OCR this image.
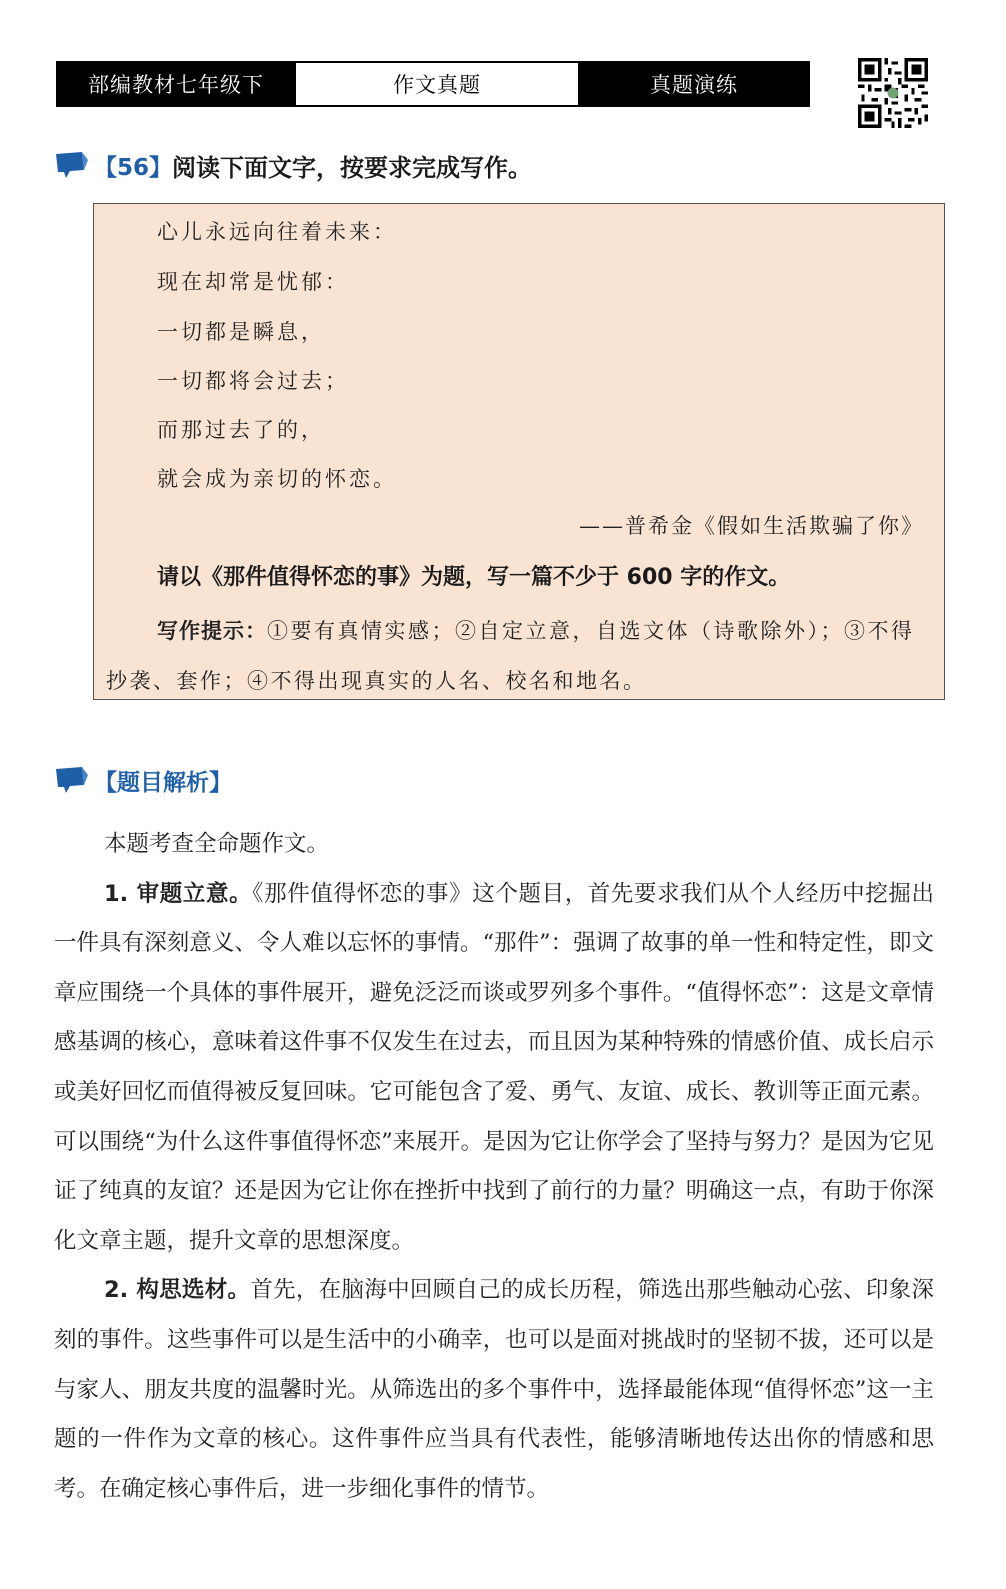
部编教材七年级下	作文真题	真题演练
【56】 阅读下面文字，按要求完成写作。
心儿永远向往着未来：
现在却常是忧郁：
一切都是瞬息，
一切都将会过去；
而那过去了的，
就会成为亲切的怀恋。
——普希金《假如生活欺骗了你》
请以《那件值得怀恋的事》为题，写一篇不少于 600 字的作文。
写作提示：①要有真情实感；②自定立意，自选文体（诗歌除外）；③不得抄袭、套作；④不得出现真实的人名、校名和地名。
【题目解析】

本题考查全命题作文。

1. 审题立意。《那件值得怀恋的事》这个题目，首先要求我们从个人经历中挖掘出一件具有深刻意义、令人难以忘怀的事情。“那件”：强调了故事的单一性和特定性，即文章应围绕一个具体的事件展开，避免泛泛而谈或罗列多个事件。“值得怀恋”：这是文章情感基调的核心，意味着这件事不仅发生在过去，而且因为某种特殊的情感价值、成长启示或美好回忆而值得被反复回味。它可能包含了爱、勇气、友谊、成长、教训等正面元素。可以围绕“为什么这件事值得怀恋”来展开。是因为它让你学会了坚持与努力？是因为它见证了纯真的友谊？还是因为它让你在挫折中找到了前行的力量？明确这一点，有助于你深化文章主题，提升文章的思想深度。

2. 构思选材。首先，在脑海中回顾自己的成长历程，筛选出那些触动心弦、印象深刻的事件。这些事件可以是生活中的小确幸，也可以是面对挑战时的坚韧不拔，还可以是与家人、朋友共度的温馨时光。从筛选出的多个事件中，选择最能体现“值得怀恋”这一主题的一件作为文章的核心。这件事件应当具有代表性，能够清晰地传达出你的情感和思考。在确定核心事件后，进一步细化事件的情节。
